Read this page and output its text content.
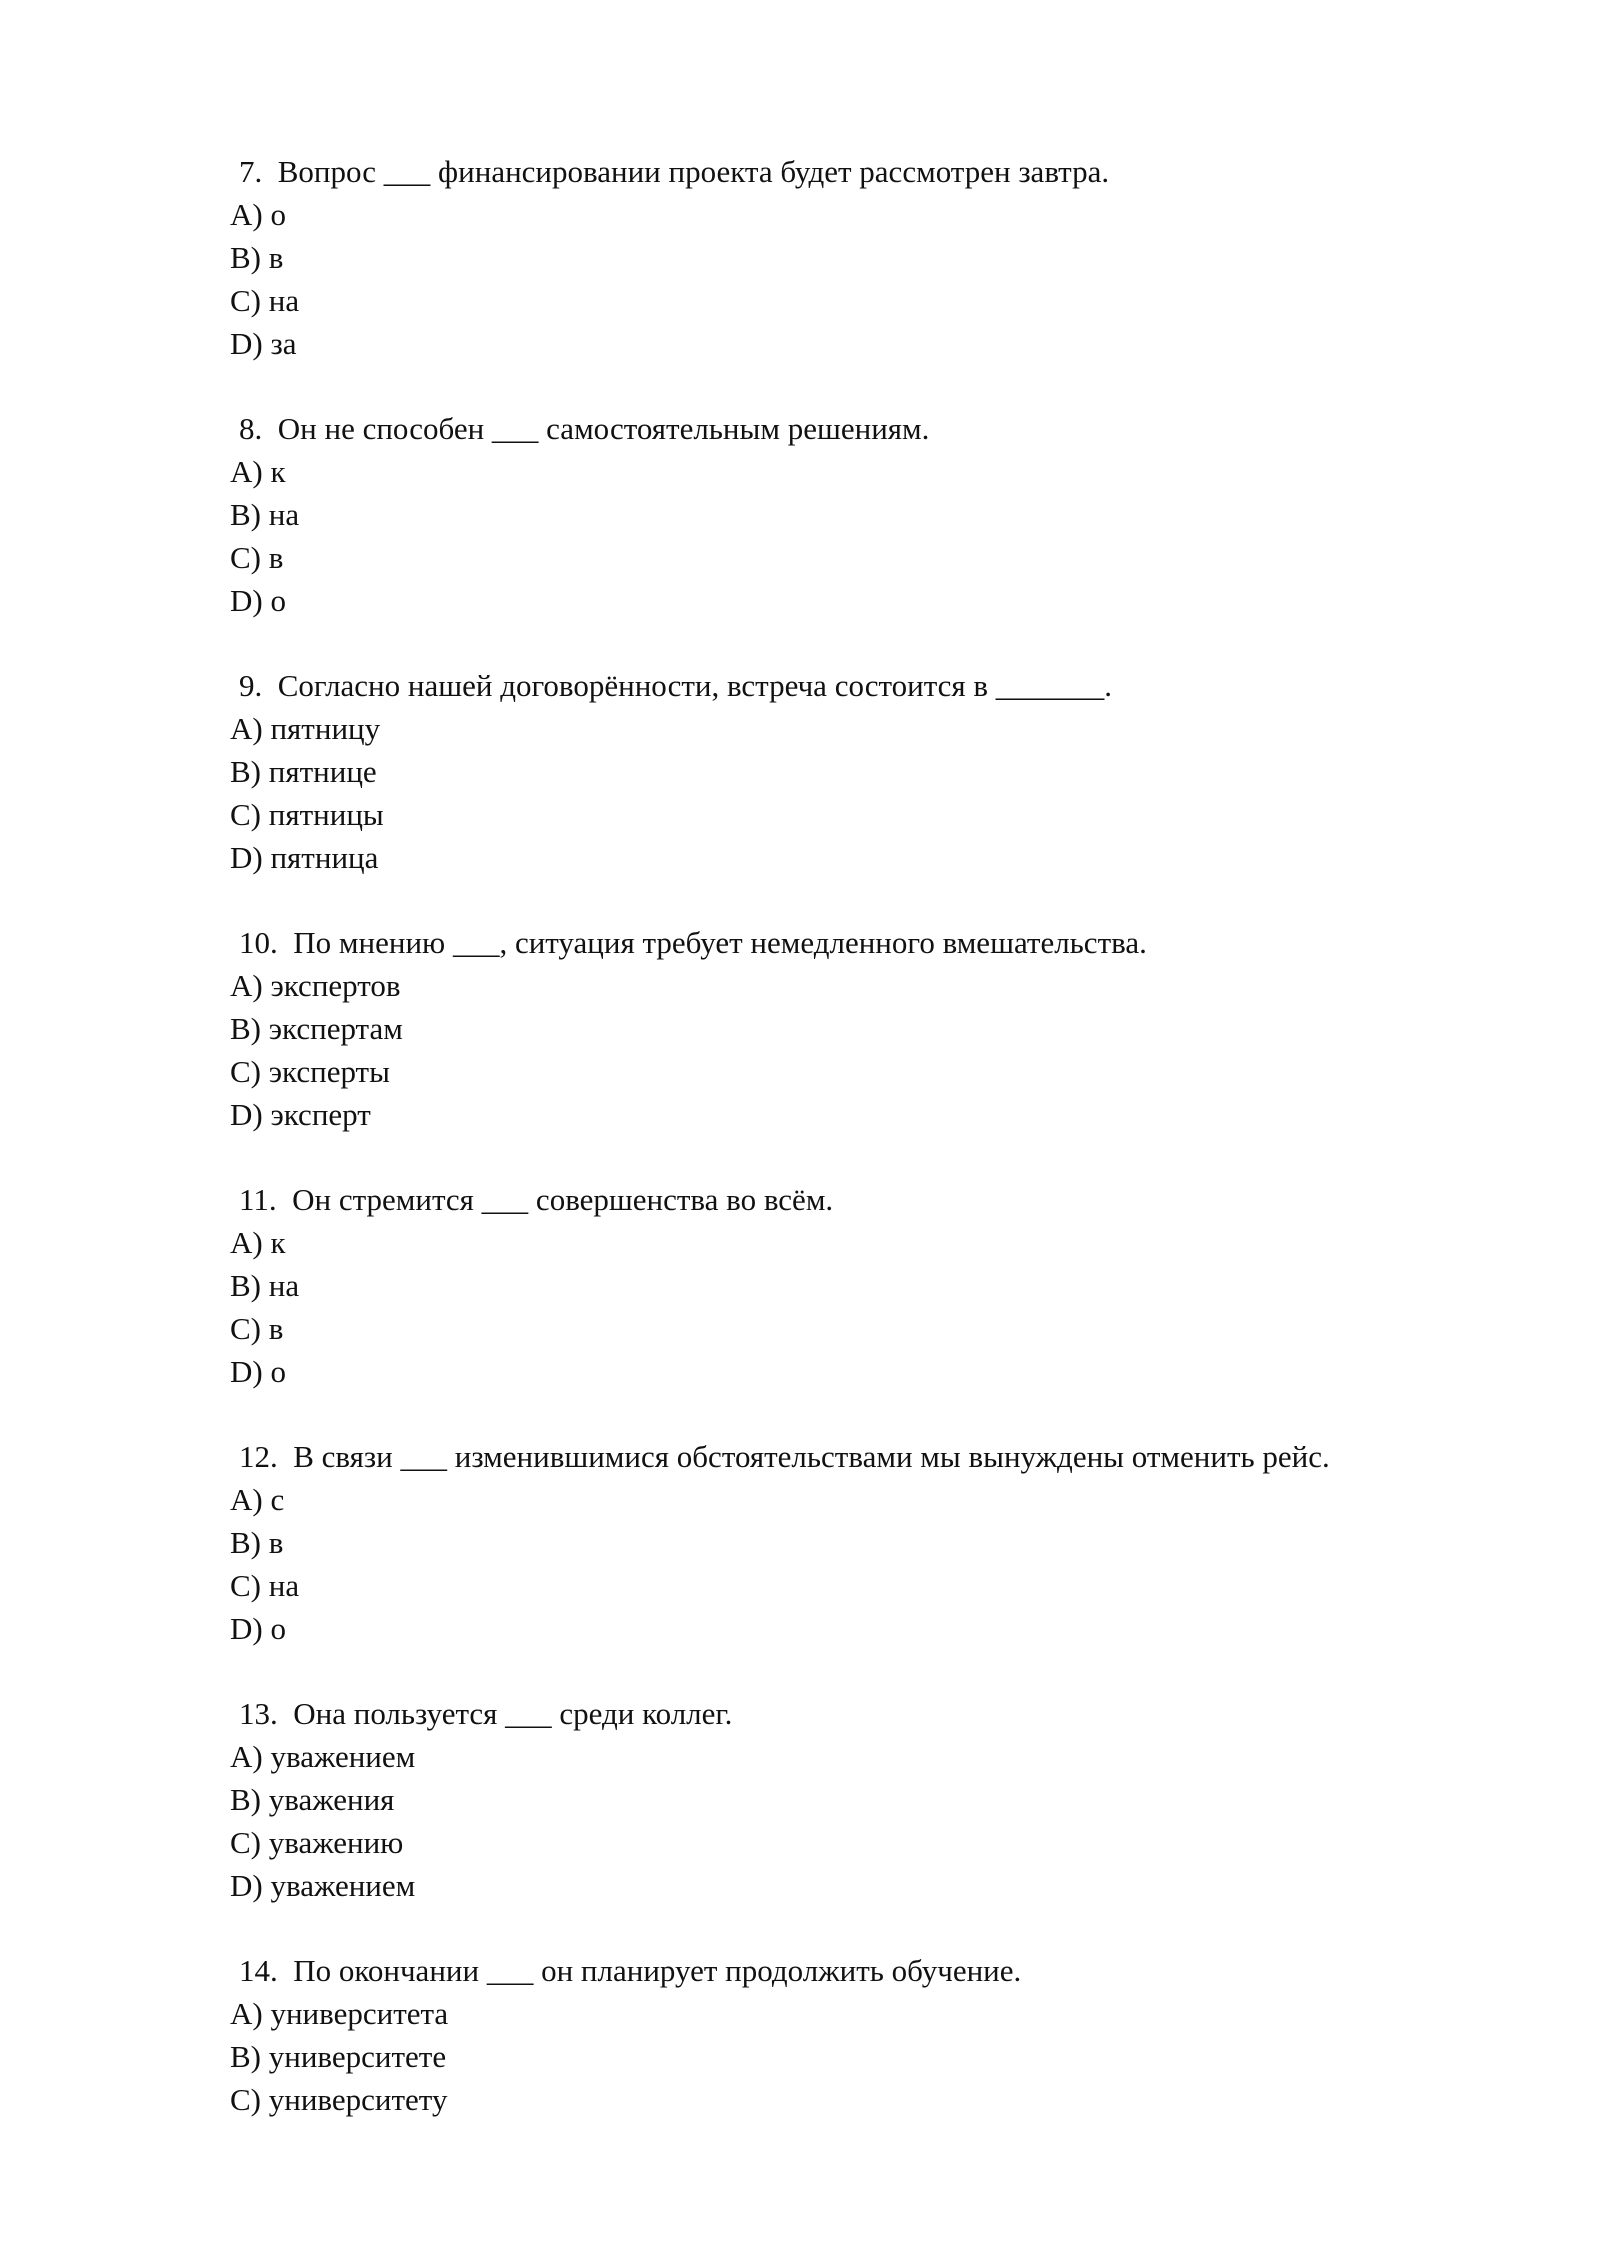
7. Вопрос ___ финансировании проекта будет рассмотрен завтра.
A) о
B) в
C) на
D) за
8. Он не способен ___ самостоятельным решениям.
A) к
B) на
C) в
D) о
9. Согласно нашей договорённости, встреча состоится в _______.
A) пятницу
B) пятнице
C) пятницы
D) пятница
10. По мнению ___, ситуация требует немедленного вмешательства.
A) экспертов
B) экспертам
C) эксперты
D) эксперт
11. Он стремится ___ совершенства во всём.
A) к
B) на
C) в
D) о
12. В связи ___ изменившимися обстоятельствами мы вынуждены отменить рейс.
A) с
B) в
C) на
D) о
13. Она пользуется ___ среди коллег.
A) уважением
B) уважения
C) уважению
D) уважением
14. По окончании ___ он планирует продолжить обучение.
A) университета
B) университете
C) университету
